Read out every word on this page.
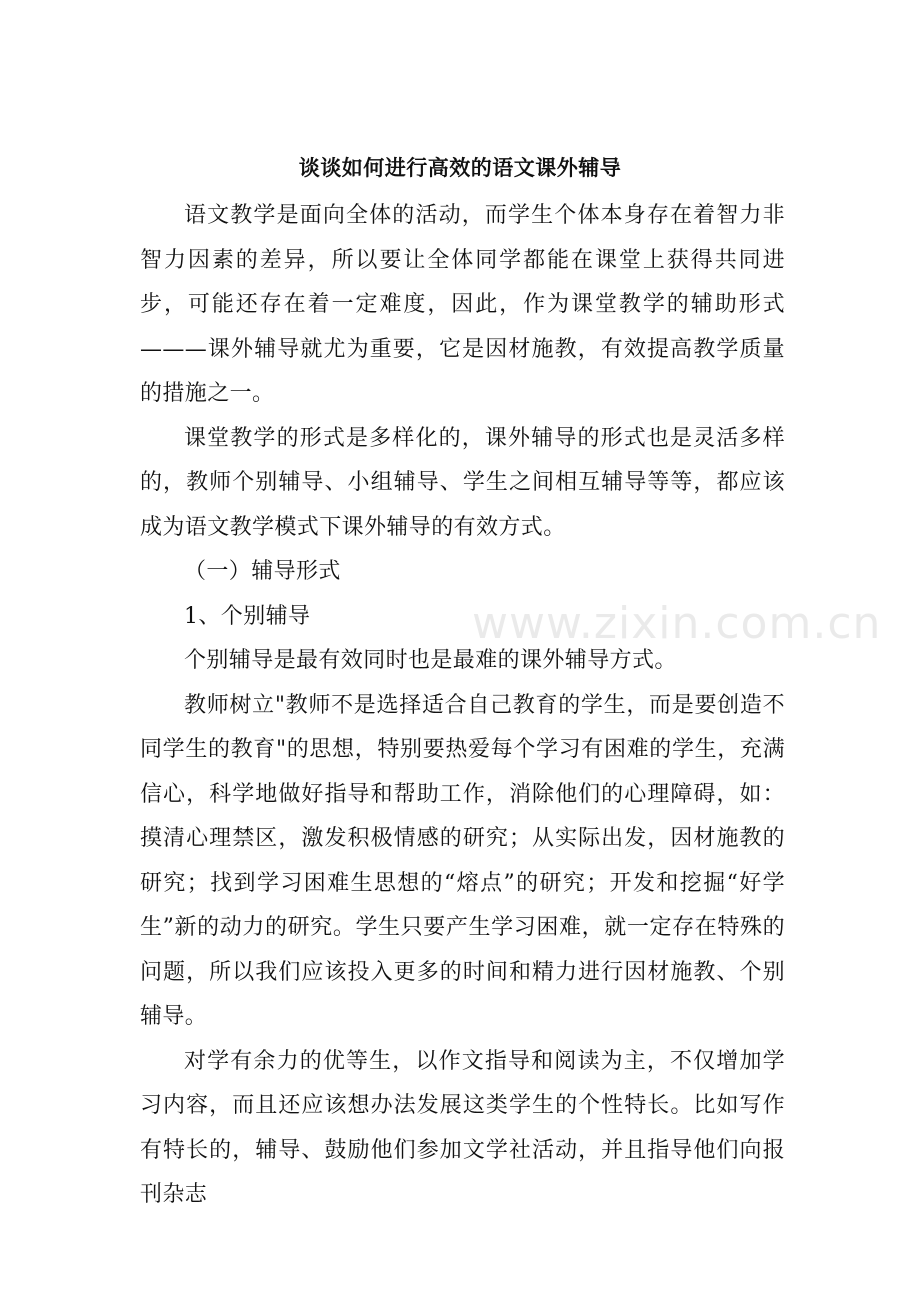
谈谈如何进行高效的语文课外辅导

语文教学是面向全体的活动，而学生个体本身存在着智力非智力因素的差异，所以要让全体同学都能在课堂上获得共同进步，可能还存在着一定难度，因此，作为课堂教学的辅助形式———课外辅导就尤为重要，它是因材施教，有效提高教学质量的措施之一。

课堂教学的形式是多样化的，课外辅导的形式也是灵活多样的，教师个别辅导、小组辅导、学生之间相互辅导等等，都应该成为语文教学模式下课外辅导的有效方式。

（一）辅导形式

1、个别辅导

个别辅导是最有效同时也是最难的课外辅导方式。

教师树立"教师不是选择适合自己教育的学生，而是要创造不同学生的教育"的思想，特别要热爱每个学习有困难的学生，充满信心，科学地做好指导和帮助工作，消除他们的心理障碍，如：摸清心理禁区，激发积极情感的研究；从实际出发，因材施教的研究；找到学习困难生思想的“熔点”的研究；开发和挖掘“好学生”新的动力的研究。学生只要产生学习困难，就一定存在特殊的问题，所以我们应该投入更多的时间和精力进行因材施教、个别辅导。

对学有余力的优等生，以作文指导和阅读为主，不仅增加学习内容，而且还应该想办法发展这类学生的个性特长。比如写作有特长的，辅导、鼓励他们参加文学社活动，并且指导他们向报刊杂志

www.zixin.com.cn
